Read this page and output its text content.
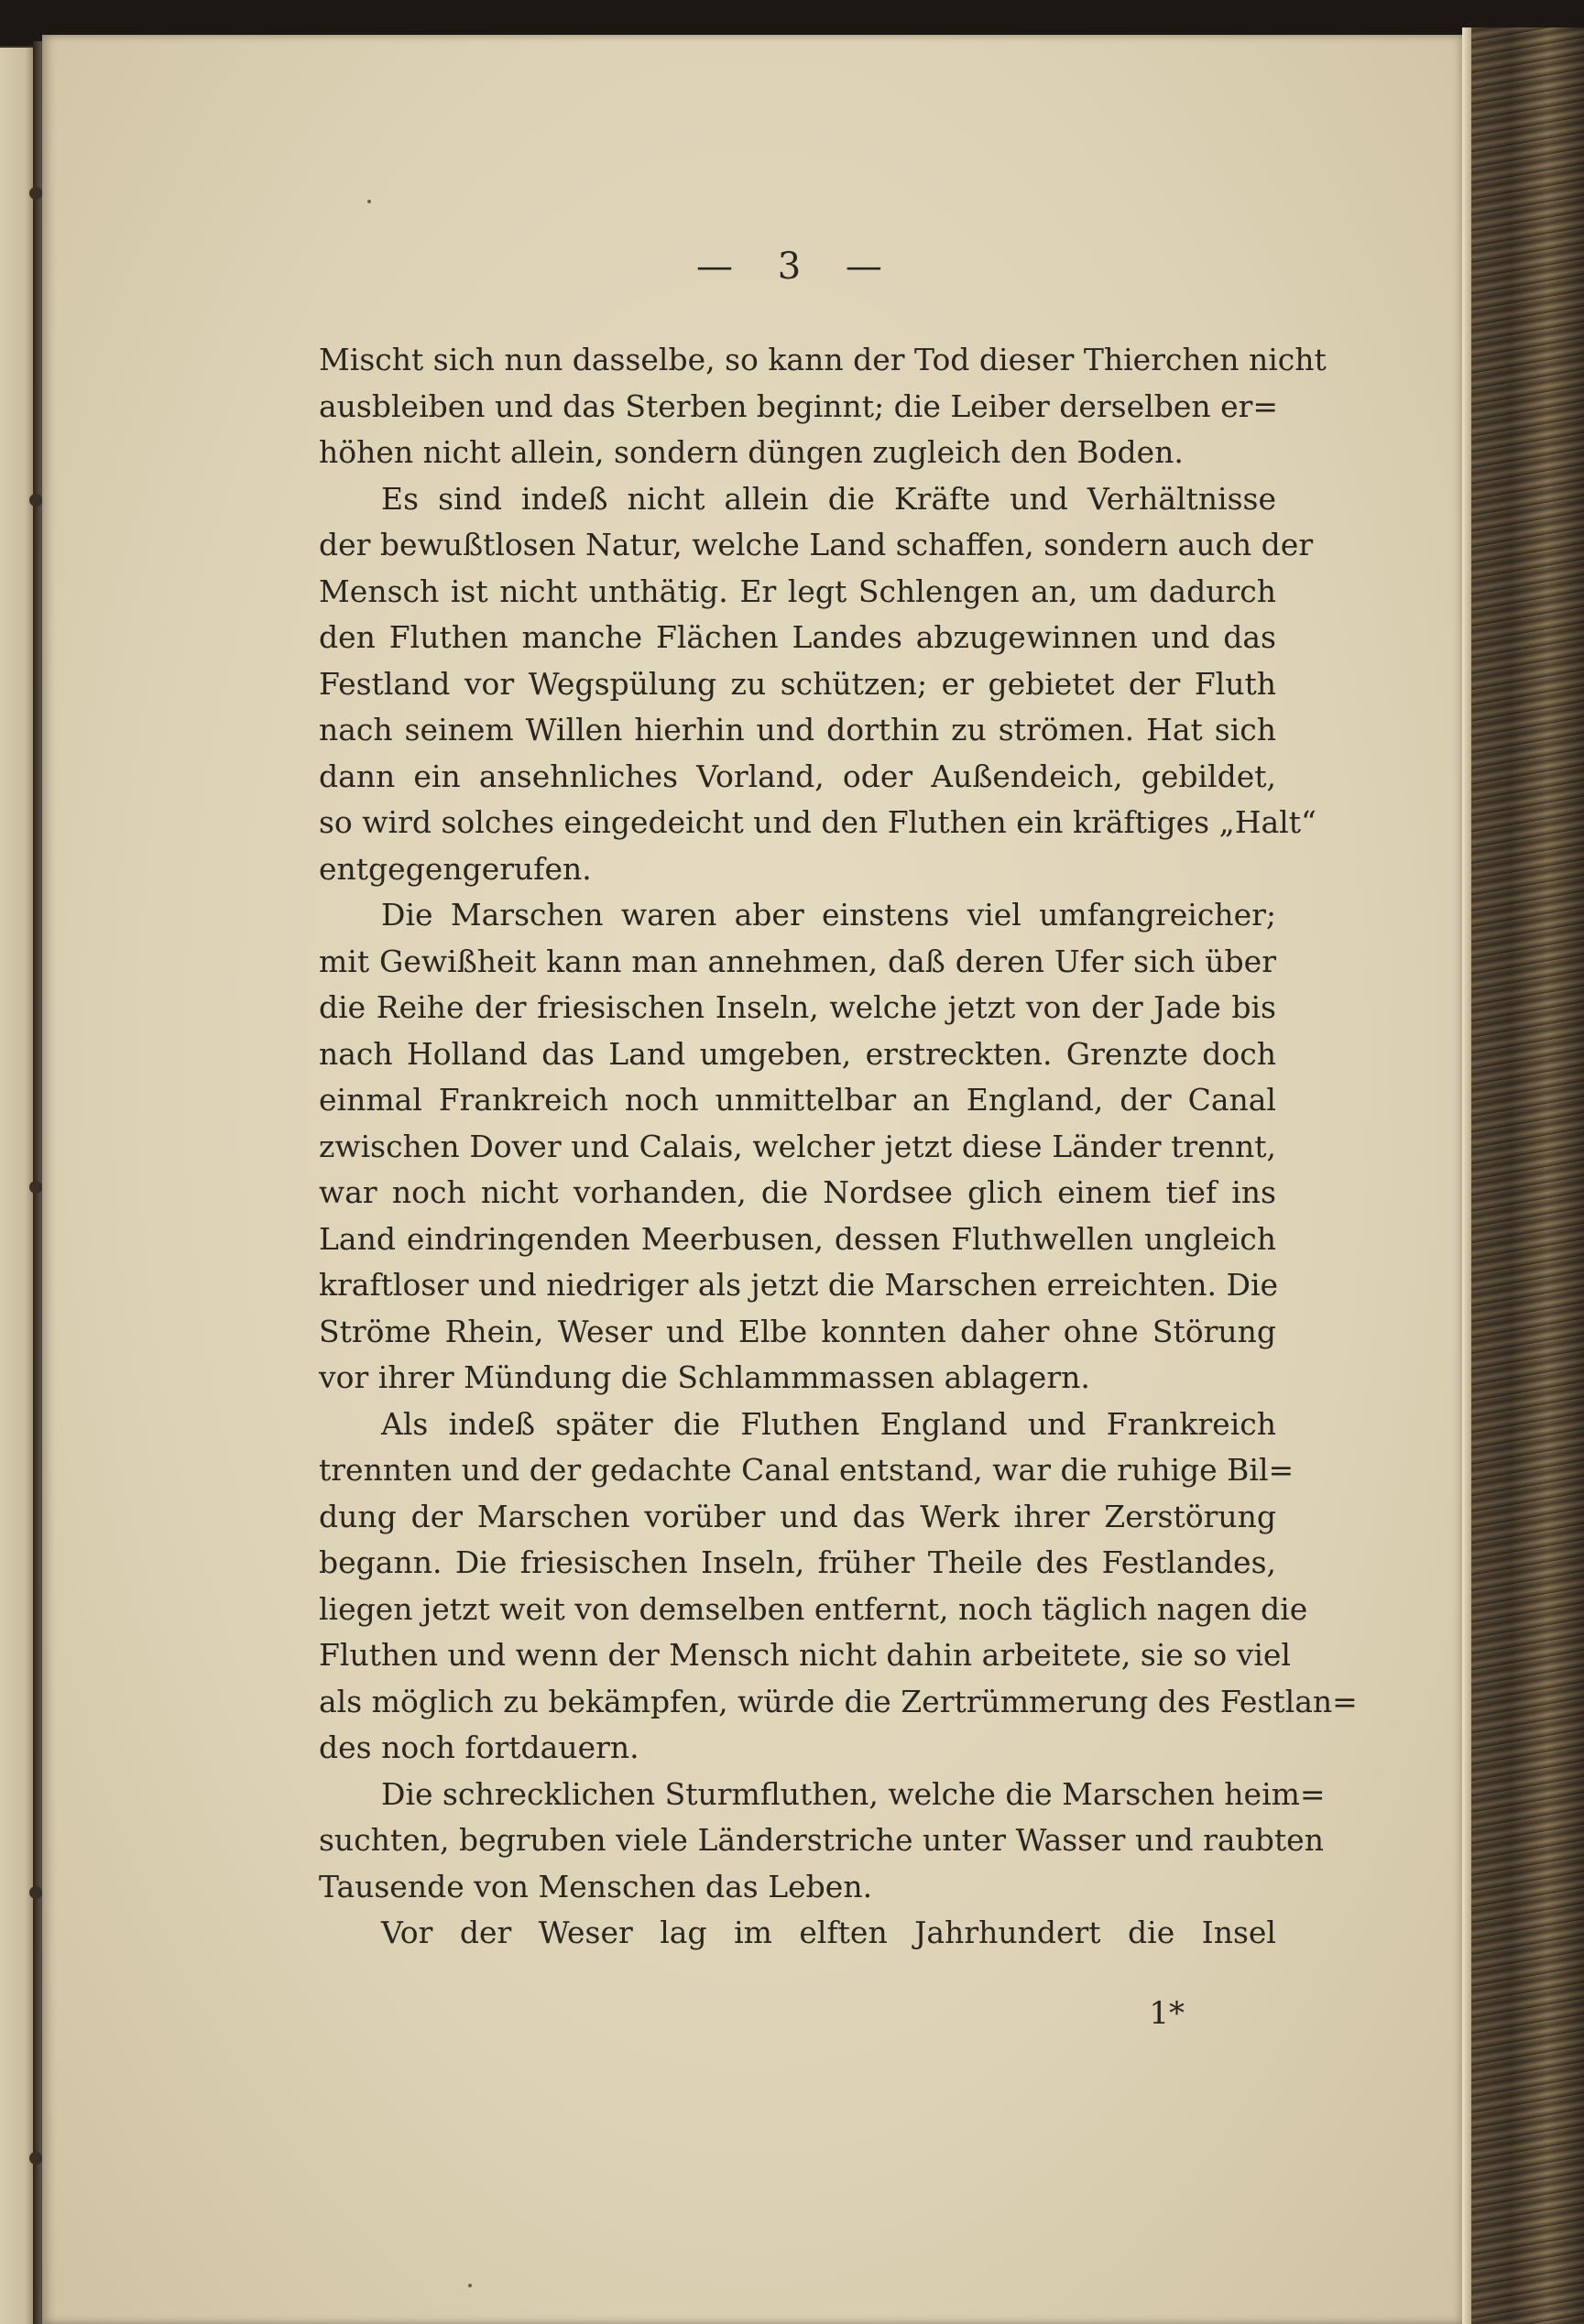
— 3 —
Mischt sich nun dasselbe, so kann der Tod dieser Thierchen nicht
ausbleiben und das Sterben beginnt; die Leiber derselben er=
höhen nicht allein, sondern düngen zugleich den Boden.
Es sind indeß nicht allein die Kräfte und Verhältnisse
der bewußtlosen Natur, welche Land schaffen, sondern auch der
Mensch ist nicht unthätig. Er legt Schlengen an, um dadurch
den Fluthen manche Flächen Landes abzugewinnen und das
Festland vor Wegspülung zu schützen; er gebietet der Fluth
nach seinem Willen hierhin und dorthin zu strömen. Hat sich
dann ein ansehnliches Vorland, oder Außendeich, gebildet,
so wird solches eingedeicht und den Fluthen ein kräftiges „Halt“
entgegengerufen.
Die Marschen waren aber einstens viel umfangreicher;
mit Gewißheit kann man annehmen, daß deren Ufer sich über
die Reihe der friesischen Inseln, welche jetzt von der Jade bis
nach Holland das Land umgeben, erstreckten. Grenzte doch
einmal Frankreich noch unmittelbar an England, der Canal
zwischen Dover und Calais, welcher jetzt diese Länder trennt,
war noch nicht vorhanden, die Nordsee glich einem tief ins
Land eindringenden Meerbusen, dessen Fluthwellen ungleich
kraftloser und niedriger als jetzt die Marschen erreichten. Die
Ströme Rhein, Weser und Elbe konnten daher ohne Störung
vor ihrer Mündung die Schlammmassen ablagern.
Als indeß später die Fluthen England und Frankreich
trennten und der gedachte Canal entstand, war die ruhige Bil=
dung der Marschen vorüber und das Werk ihrer Zerstörung
begann. Die friesischen Inseln, früher Theile des Festlandes,
liegen jetzt weit von demselben entfernt, noch täglich nagen die
Fluthen und wenn der Mensch nicht dahin arbeitete, sie so viel
als möglich zu bekämpfen, würde die Zertrümmerung des Festlan=
des noch fortdauern.
Die schrecklichen Sturmfluthen, welche die Marschen heim=
suchten, begruben viele Länderstriche unter Wasser und raubten
Tausende von Menschen das Leben.
Vor der Weser lag im elften Jahrhundert die Insel
1*
